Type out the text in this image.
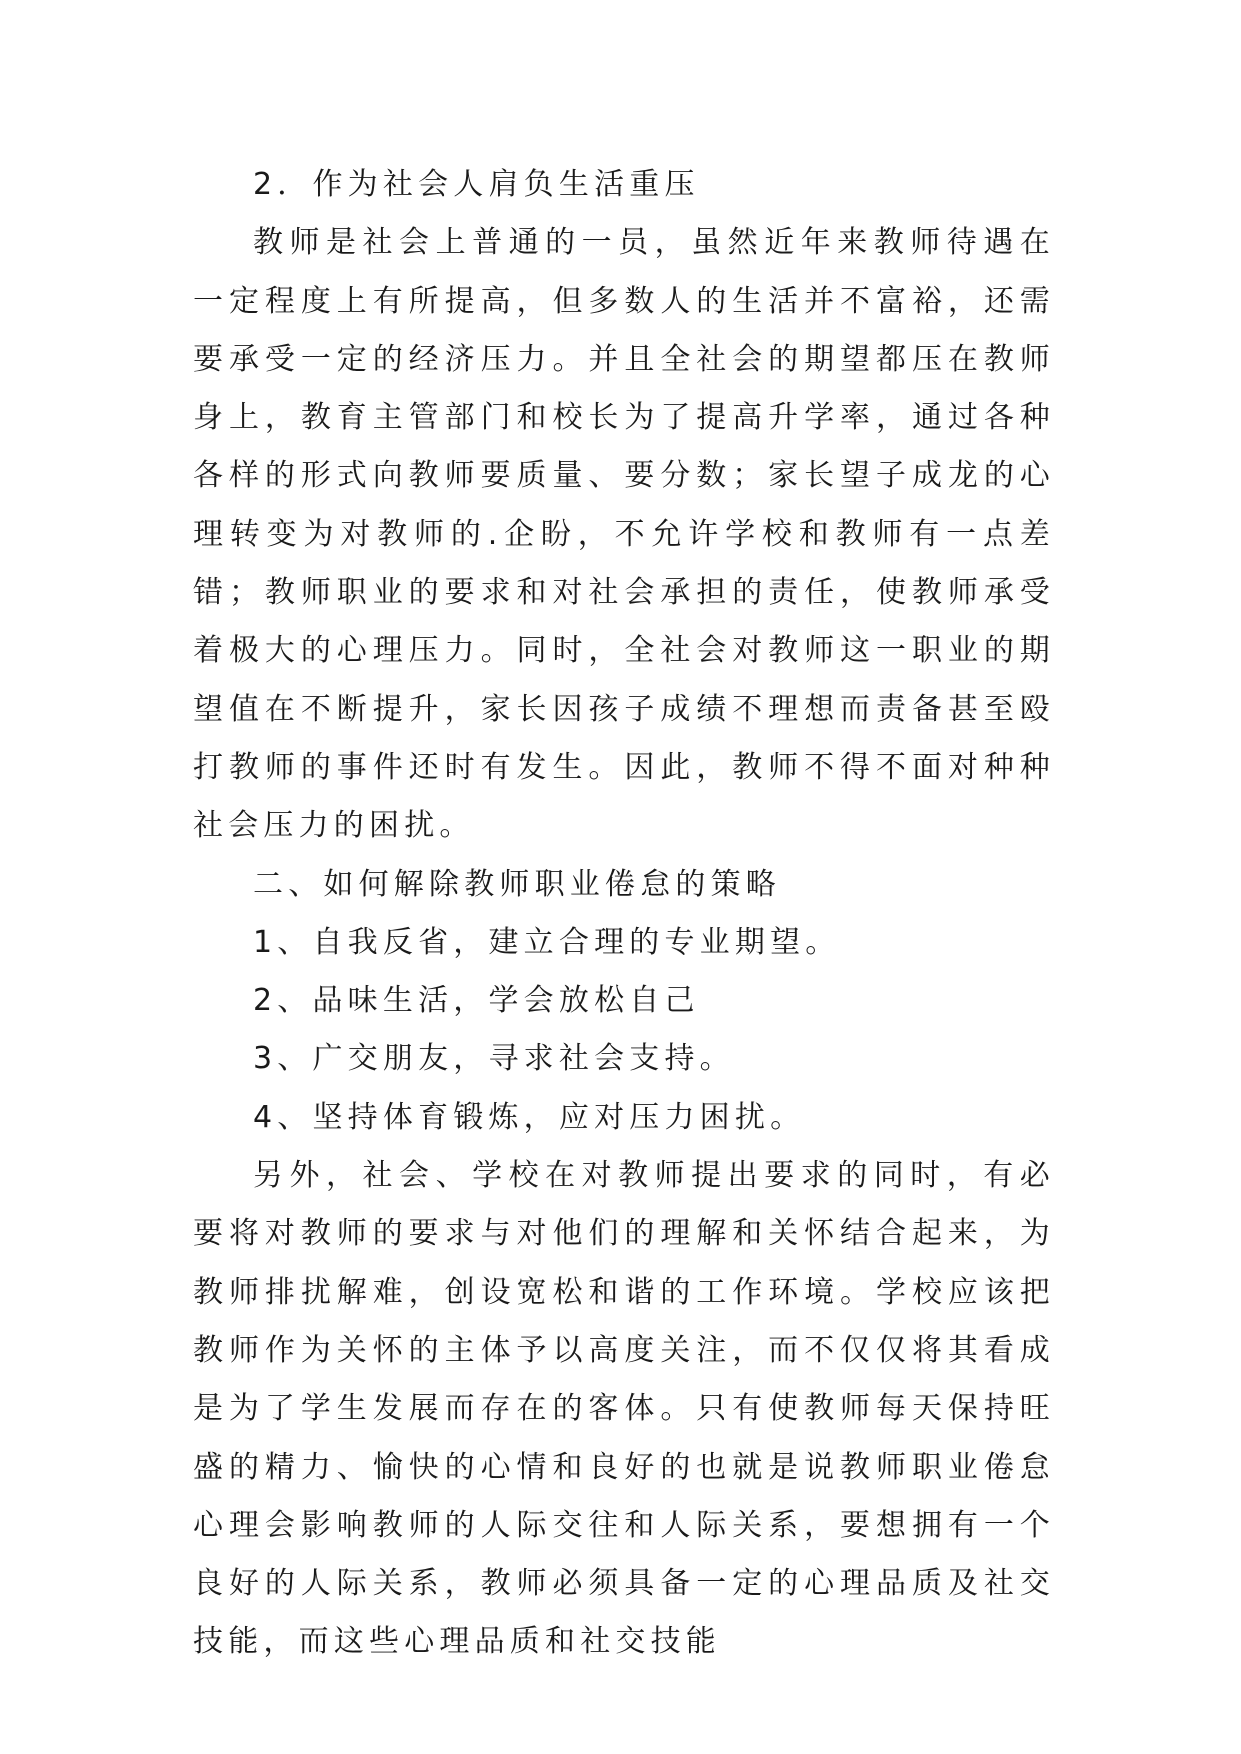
2．作为社会人肩负生活重压

教师是社会上普通的一员，虽然近年来教师待遇在一定程度上有所提高，但多数人的生活并不富裕，还需要承受一定的经济压力。并且全社会的期望都压在教师身上，教育主管部门和校长为了提高升学率，通过各种各样的形式向教师要质量、要分数；家长望子成龙的心理转变为对教师的.企盼，不允许学校和教师有一点差错；教师职业的要求和对社会承担的责任，使教师承受着极大的心理压力。同时，全社会对教师这一职业的期望值在不断提升，家长因孩子成绩不理想而责备甚至殴打教师的事件还时有发生。因此，教师不得不面对种种社会压力的困扰。

二、如何解除教师职业倦怠的策略

1、自我反省，建立合理的专业期望。

2、品味生活，学会放松自己

3、广交朋友，寻求社会支持。

4、坚持体育锻炼，应对压力困扰。

另外，社会、学校在对教师提出要求的同时，有必要将对教师的要求与对他们的理解和关怀结合起来，为教师排扰解难，创设宽松和谐的工作环境。学校应该把教师作为关怀的主体予以高度关注，而不仅仅将其看成是为了学生发展而存在的客体。只有使教师每天保持旺盛的精力、愉快的心情和良好的也就是说教师职业倦怠心理会影响教师的人际交往和人际关系，要想拥有一个良好的人际关系，教师必须具备一定的心理品质及社交技能，而这些心理品质和社交技能
